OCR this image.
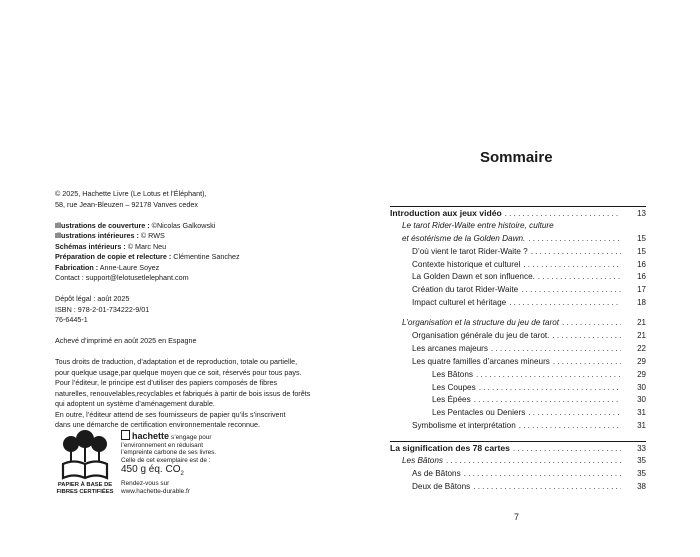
© 2025, Hachette Livre (Le Lotus et l’Éléphant),

58, rue Jean-Bleuzen – 92178 Vanves cedex

Illustrations de couverture : ©Nicolas Galkowski

Illustrations intérieures : © RWS

Schémas intérieurs : © Marc Neu

Préparation de copie et relecture : Clémentine Sanchez

Fabrication : Anne-Laure Soyez

Contact : support@lelotusetlelephant.com

Dépôt légal : août 2025

ISBN : 978-2-01-734222-9/01

76-6445-1

Achevé d’imprimé en août 2025 en Espagne

Tous droits de traduction, d’adaptation et de reproduction, totale ou partielle,

pour quelque usage,par quelque moyen que ce soit, réservés pour tous pays.

Pour l’éditeur, le principe est d’utiliser des papiers composés de fibres

naturelles, renouvelables,recyclables et fabriqués à partir de bois issus de forêts

qui adoptent un système d’aménagement durable.

En outre, l’éditeur attend de ses fournisseurs de papier qu’ils s’inscrivent

dans une démarche de certification environnementale reconnue.

PAPIER À BASE DE
FIBRES CERTIFIÉES
hachette s’engage pour
l’environnement en réduisant
l’empreinte carbone de ses livres.
Celle de cet exemplaire est de :
450 g éq. $CO_2$
Rendez-vous sur
www.hachette-durable.fr
Sommaire
Introduction aux jeux vidéo . . .	13
Le tarot Rider-Waite entre histoire, culture
et ésotérisme de la Golden Dawn. . . .	15
D’où vient le tarot Rider-Waite ? . . .	15
Contexte historique et culturel . . .	16
La Golden Dawn et son influence. . . .	16
Création du tarot Rider-Waite . . .	17
Impact culturel et héritage . . .	18
L’organisation et la structure du jeu de tarot . . .	21
Organisation générale du jeu de tarot. . . .	21
Les arcanes majeurs . . .	22
Les quatre familles d’arcanes mineurs . . .	29
Les Bâtons . . .	29
Les Coupes . . .	30
Les Épées . . .	30
Les Pentacles ou Deniers . . .	31
Symbolisme et interprétation . . .	31
La signification des 78 cartes . . .	33
Les Bâtons . . .	35
As de Bâtons . . .	35
Deux de Bâtons . . .	38
7
